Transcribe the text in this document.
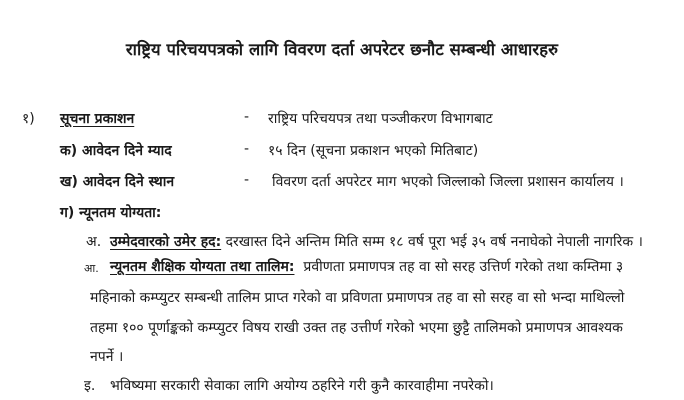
राष्ट्रिय परिचयपत्रको लागि विवरण दर्ता अपरेटर छनौट सम्बन्धी आधारहरु
१) सूचना प्रकाशन	- राष्ट्रिय परिचयपत्र तथा पञ्जीकरण विभागबाट
क) आवेदन दिने म्याद	- १५ दिन (सूचना प्रकाशन भएको मितिबाट)
ख) आवेदन दिने स्थान	- विवरण दर्ता अपरेटर माग भएको जिल्लाको जिल्ला प्रशासन कार्यालय ।
ग) न्यूनतम योग्यता:
अ. उम्मेदवारको उमेर हद: दरखास्त दिने अन्तिम मिति सम्म १८ वर्ष पूरा भई ३५ वर्ष ननाघेको नेपाली नागरिक ।
आ. न्यूनतम शैक्षिक योग्यता तथा तालिम: प्रवीणता प्रमाणपत्र तह वा सो सरह उत्तिर्ण गरेको तथा कम्तिमा ३
महिनाको कम्प्युटर सम्बन्धी तालिम प्राप्त गरेको वा प्रविणता प्रमाणपत्र तह वा सो सरह वा सो भन्दा माथिल्लो
तहमा १०० पूर्णाङ्कको कम्प्युटर विषय राखी उक्त तह उत्तीर्ण गरेको भएमा छुट्टै तालिमको प्रमाणपत्र आवश्यक
नपर्ने ।
इ. भविष्यमा सरकारी सेवाका लागि अयोग्य ठहरिने गरी कुनै कारवाहीमा नपरेको।
